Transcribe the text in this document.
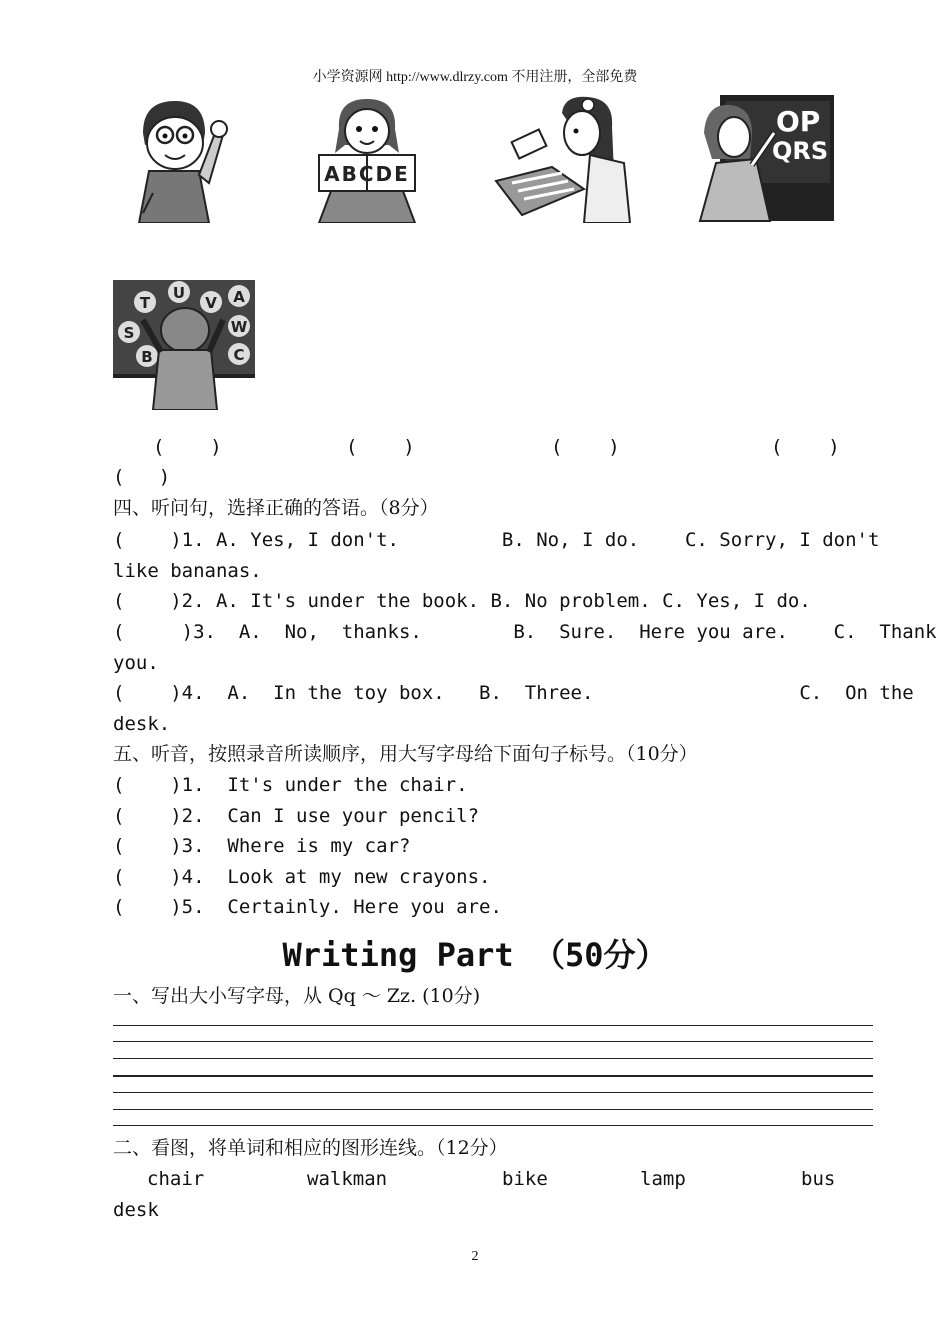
小学资源网 http://www.dlrzy.com 不用注册，全部免费
ABCDE
OP
QRS
T
U
V A
S	W
B	C
(    )	(    )	(    )	(    )
(   )
四、听问句，选择正确的答语。（8分）
(    )1. A. Yes, I don't.         B. No, I do.    C. Sorry, I don't
like bananas.
(    )2. A. It's under the book. B. No problem. C. Yes, I do.
(     )3.  A.  No,  thanks.        B.  Sure.  Here you are.    C.  Thank
you.
(    )4.  A.  In the toy box.   B.  Three.                  C.  On the
desk.
五、听音，按照录音所读顺序，用大写字母给下面句子标号。（10分）
(    )1.  It's under the chair.
(    )2.  Can I use your pencil?
(    )3.  Where is my car?
(    )4.  Look at my new crayons.
(    )5.  Certainly. Here you are.
Writing Part （50分）
一、写出大小写字母，从 Qq ～ Zz. (10分)
二、看图，将单词和相应的图形连线。（12分）
chair	walkman	bike	lamp	bus
desk
2
